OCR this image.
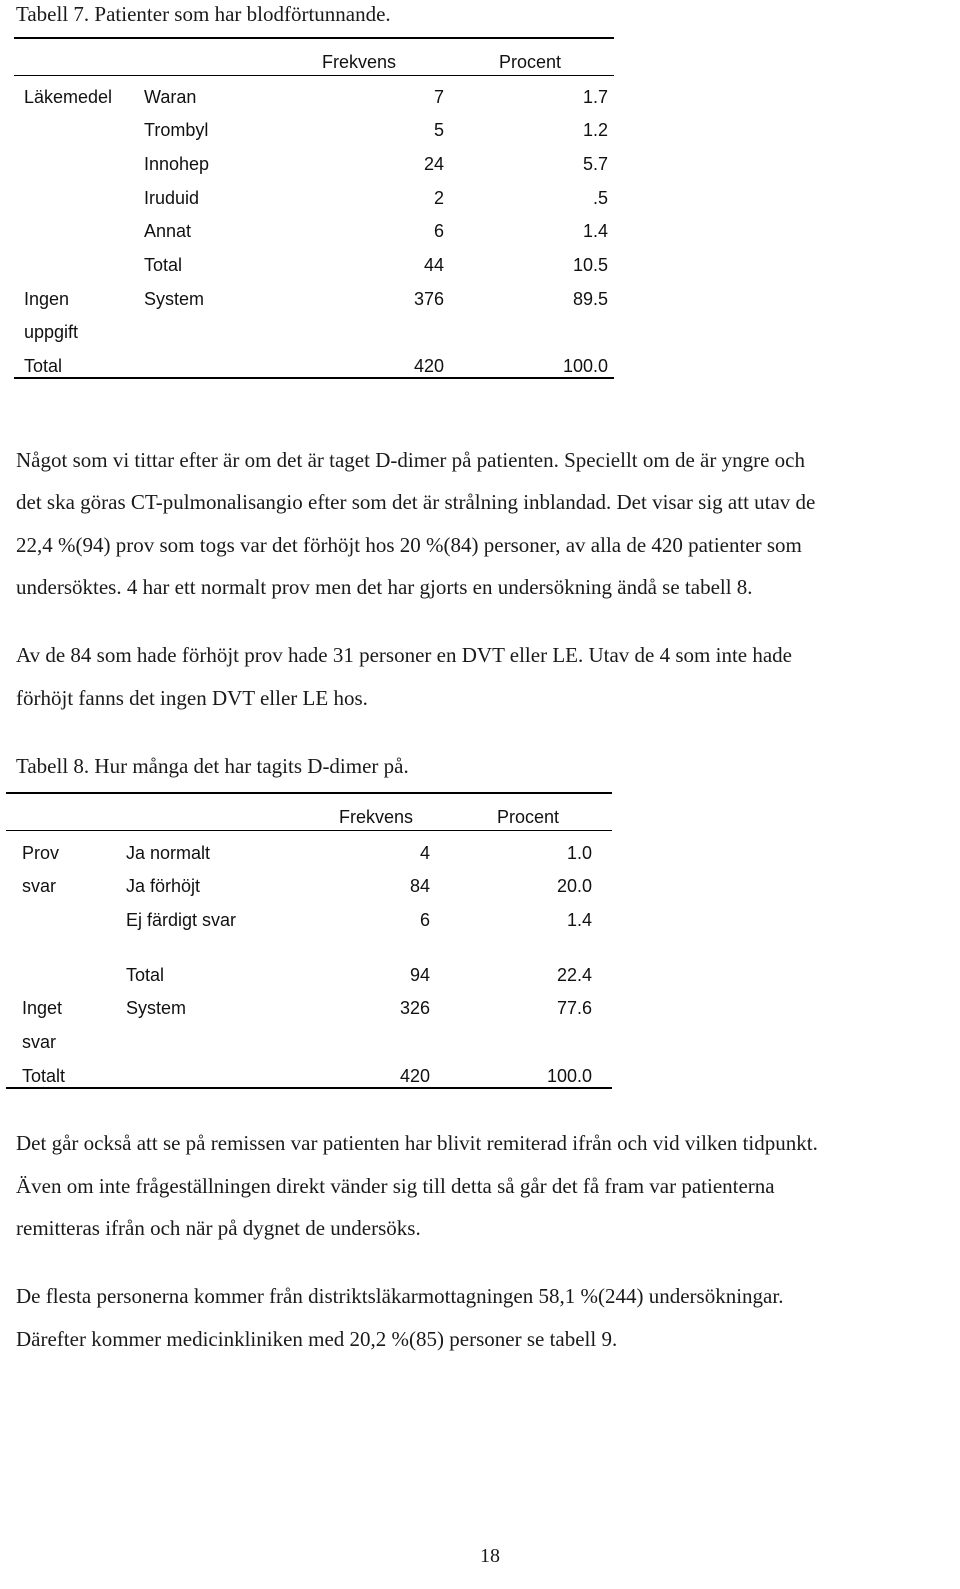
Tabell 7. Patienter som har blodförtunnande.
Frekvens	Procent
Läkemedel Waran	7	1.7
Trombyl	5	1.2
Innohep	24	5.7
Iruduid	2	.5
Annat	6	1.4
Total	44	10.5
Ingen
uppgift
System	376	89.5
Total	420	100.0
Något som vi tittar efter är om det är taget D-dimer på patienten. Speciellt om de är yngre och
det ska göras CT-pulmonalisangio efter som det är strålning inblandad. Det visar sig att utav de
22,4 %(94) prov som togs var det förhöjt hos 20 %(84) personer, av alla de 420 patienter som
undersöktes. 4 har ett normalt prov men det har gjorts en undersökning ändå se tabell 8.
Av de 84 som hade förhöjt prov hade 31 personer en DVT eller LE. Utav de 4 som inte hade
förhöjt fanns det ingen DVT eller LE hos.
Tabell 8. Hur många det har tagits D-dimer på.
Frekvens	Procent
Prov
svar
Ja normalt	4	1.0
Ja förhöjt	84	20.0
Ej färdigt svar	6	1.4
Total	94	22.4
Inget
svar
System	326	77.6
Totalt	420	100.0
Det går också att se på remissen var patienten har blivit remiterad ifrån och vid vilken tidpunkt.
Även om inte frågeställningen direkt vänder sig till detta så går det få fram var patienterna
remitteras ifrån och när på dygnet de undersöks.
De flesta personerna kommer från distriktsläkarmottagningen 58,1 %(244) undersökningar.
Därefter kommer medicinkliniken med 20,2 %(85) personer se tabell 9.
18
